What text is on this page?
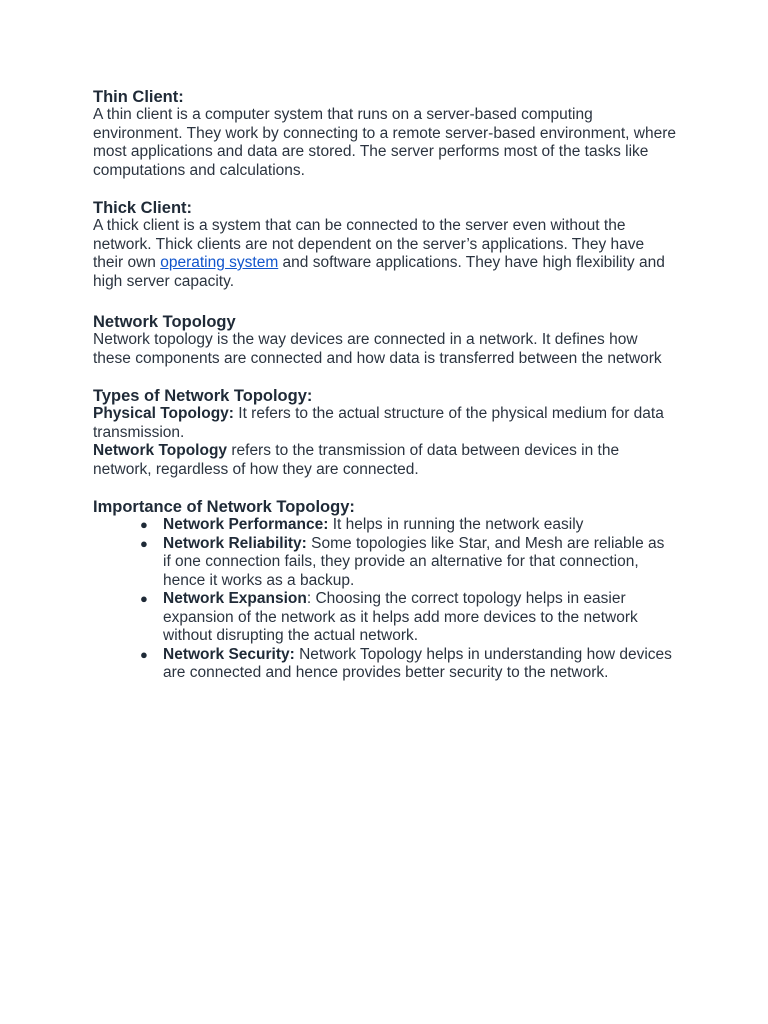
Thin Client:

A thin client is a computer system that runs on a server-based computing environment. They work by connecting to a remote server-based environment, where most applications and data are stored. The server performs most of the tasks like computations and calculations.

Thick Client:

A thick client is a system that can be connected to the server even without the network. Thick clients are not dependent on the server’s applications. They have their own operating system and software applications. They have high flexibility and high server capacity.

Network Topology

Network topology is the way devices are connected in a network. It defines how these components are connected and how data is transferred between the network

Types of Network Topology:

Physical Topology: It refers to the actual structure of the physical medium for data transmission.

Network Topology refers to the transmission of data between devices in the network, regardless of how they are connected.

Importance of Network Topology:

● Network Performance: It helps in running the network easily
● Network Reliability: Some topologies like Star, and Mesh are reliable as if one connection fails, they provide an alternative for that connection, hence it works as a backup.
● Network Expansion: Choosing the correct topology helps in easier expansion of the network as it helps add more devices to the network without disrupting the actual network.
● Network Security: Network Topology helps in understanding how devices are connected and hence provides better security to the network.
